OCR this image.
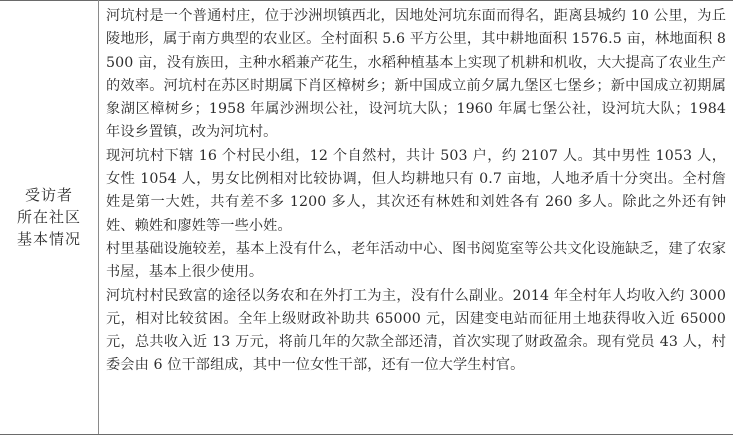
受访者
所在社区
基本情况

河坑村是一个普通村庄，位于沙洲坝镇西北，因地处河坑东面而得名，距离县城约 10 公里，为丘陵地形，属于南方典型的农业区。全村面积 5.6 平方公里，其中耕地面积 1576.5 亩，林地面积 8500 亩，没有族田，主种水稻兼产花生，水稻种植基本上实现了机耕和机收，大大提高了农业生产的效率。河坑村在苏区时期属下肖区樟树乡；新中国成立前夕属九堡区七堡乡；新中国成立初期属象湖区樟树乡；1958 年属沙洲坝公社，设河坑大队；1960 年属七堡公社，设河坑大队；1984 年设乡置镇，改为河坑村。

现河坑村下辖 16 个村民小组，12 个自然村，共计 503 户，约 2107 人。其中男性 1053 人，女性 1054 人，男女比例相对比较协调，但人均耕地只有 0.7 亩地，人地矛盾十分突出。全村詹姓是第一大姓，共有差不多 1200 多人，其次还有林姓和刘姓各有 260 多人。除此之外还有钟姓、赖姓和廖姓等一些小姓。

村里基础设施较差，基本上没有什么，老年活动中心、图书阅览室等公共文化设施缺乏，建了农家书屋，基本上很少使用。

河坑村村民致富的途径以务农和在外打工为主，没有什么副业。2014 年全村年人均收入约 3000 元，相对比较贫困。全年上级财政补助共 65000 元，因建变电站而征用土地获得收入近 65000 元，总共收入近 13 万元，将前几年的欠款全部还清，首次实现了财政盈余。现有党员 43 人，村委会由 6 位干部组成，其中一位女性干部，还有一位大学生村官。
